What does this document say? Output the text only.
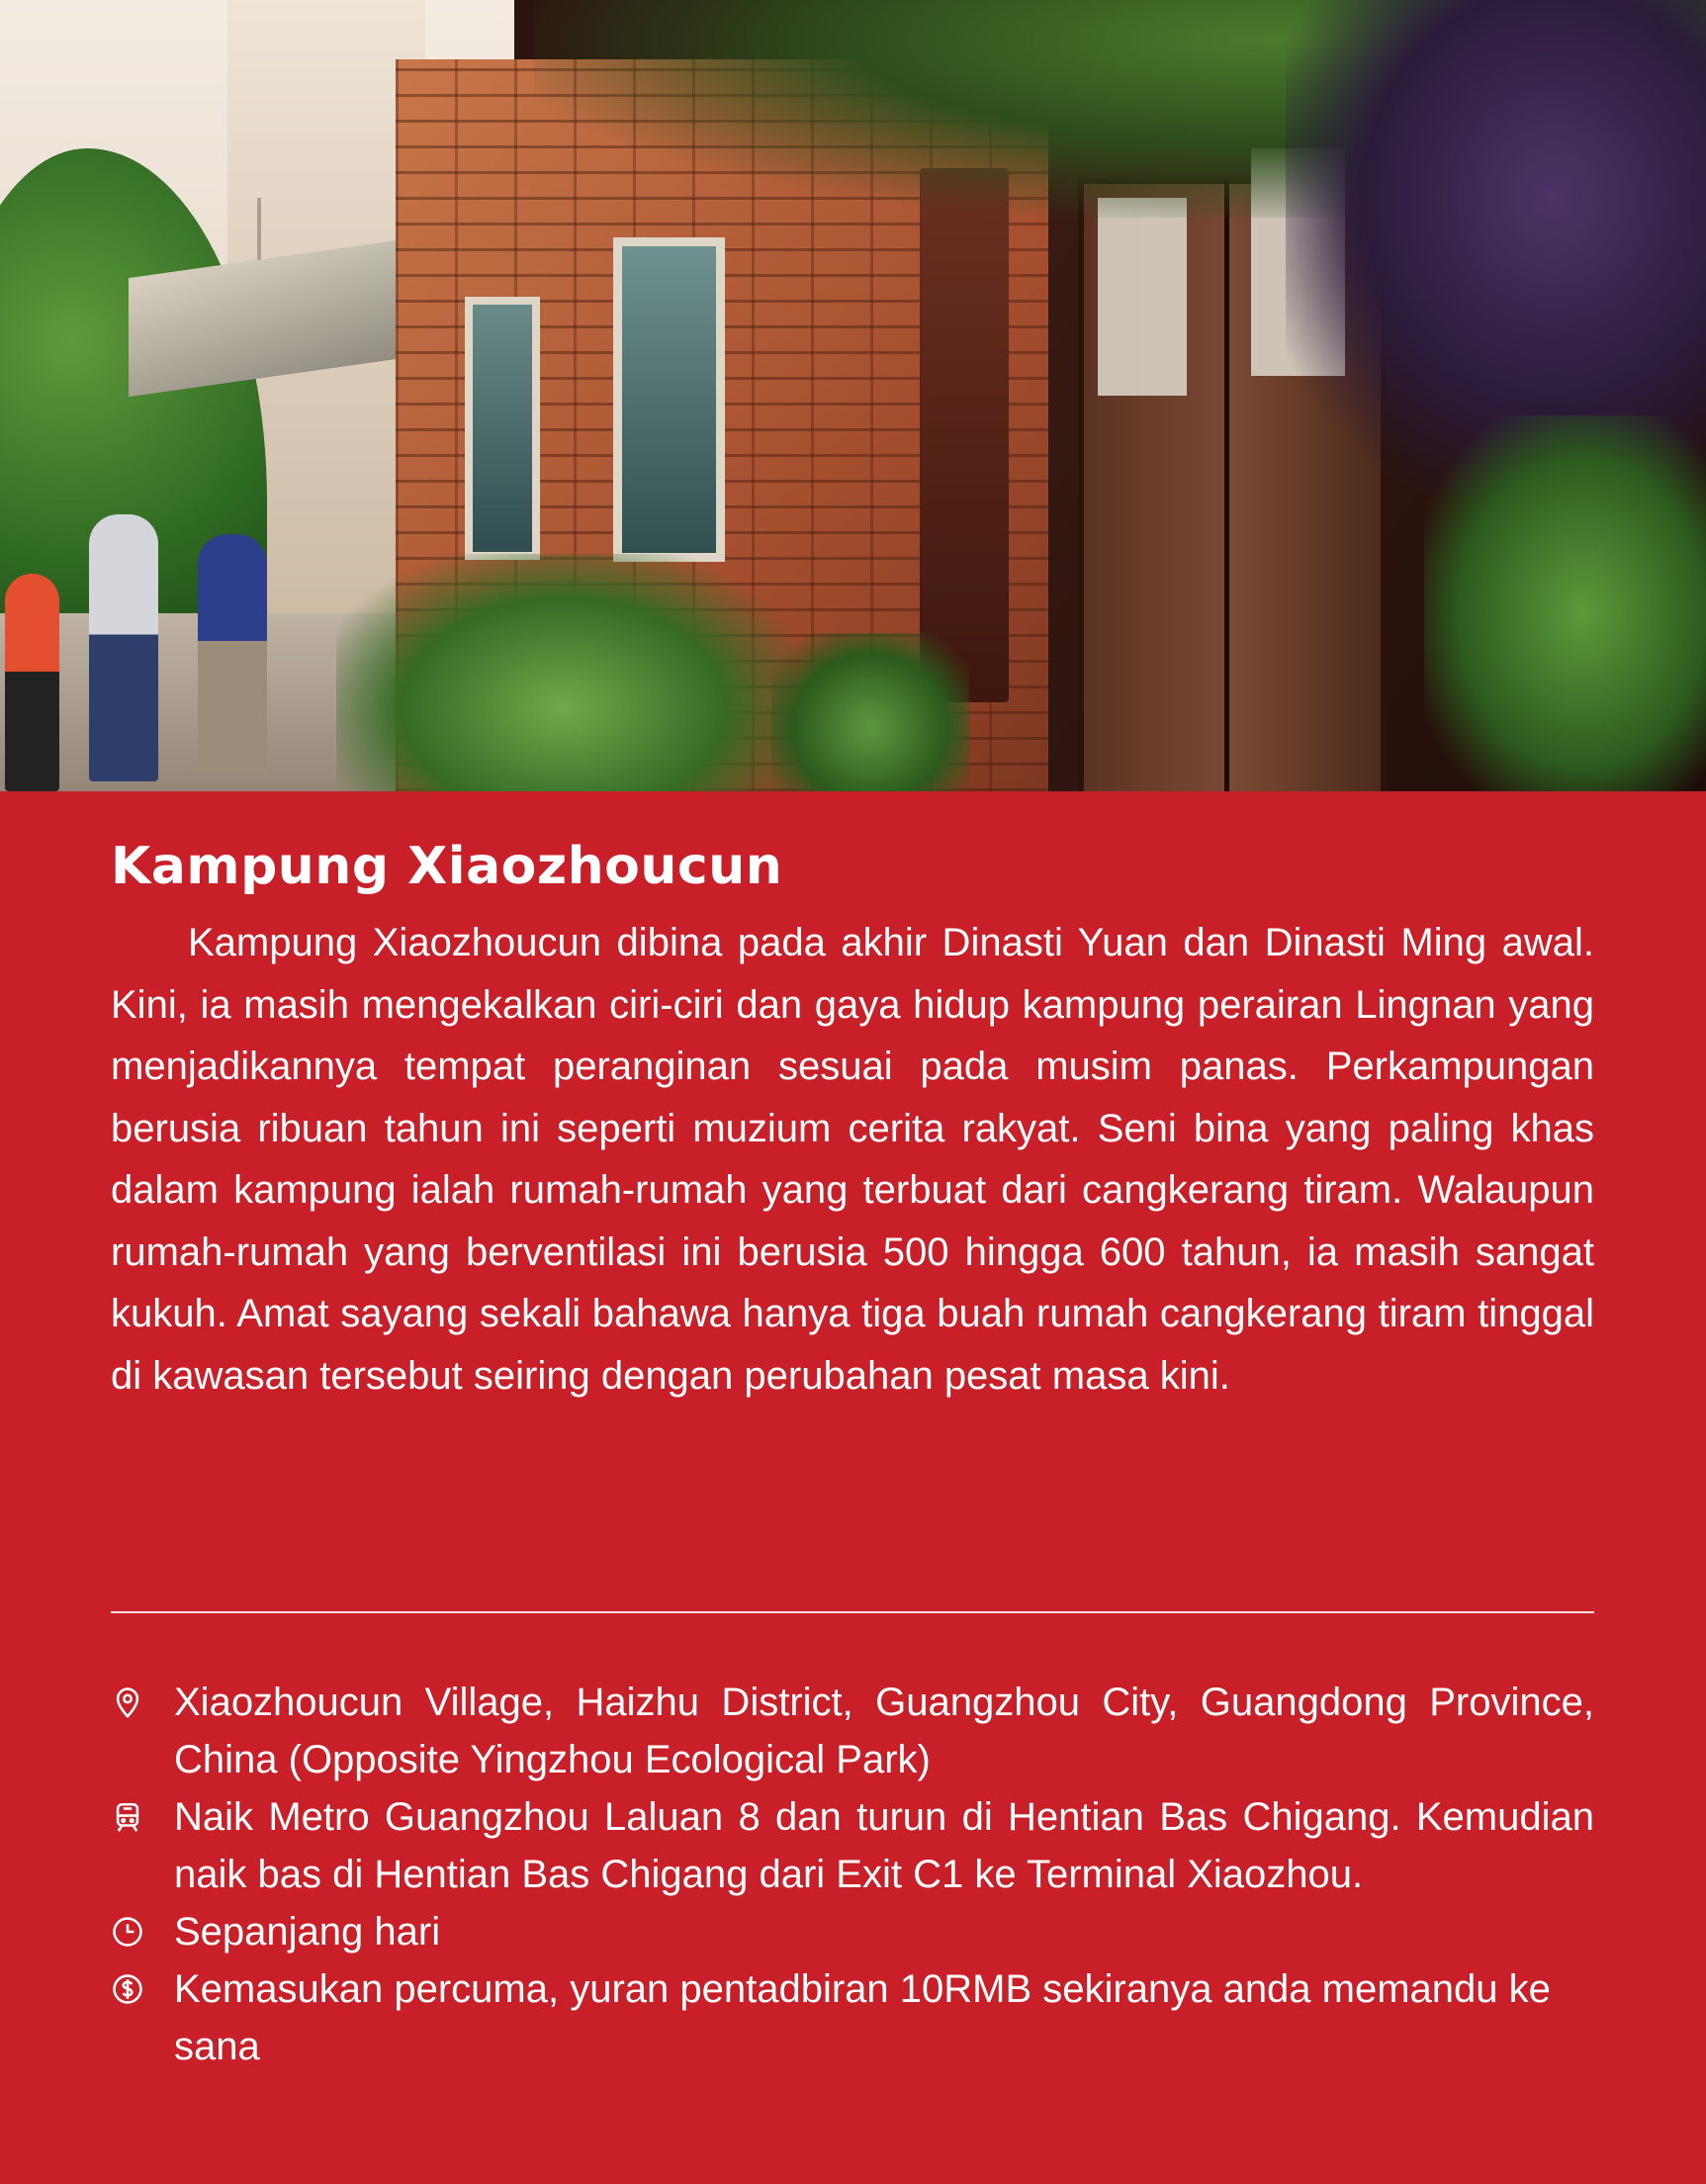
Kampung Xiaozhoucun

Kampung Xiaozhoucun dibina pada akhir Dinasti Yuan dan Dinasti Ming awal. Kini, ia masih mengekalkan ciri-ciri dan gaya hidup kampung perairan Lingnan yang menjadikannya tempat peranginan sesuai pada musim panas. Perkampungan berusia ribuan tahun ini seperti muzium cerita rakyat. Seni bina yang paling khas dalam kampung ialah rumah-rumah yang terbuat dari cangkerang tiram. Walaupun rumah-rumah yang berventilasi ini berusia 500 hingga 600 tahun, ia masih sangat kukuh. Amat sayang sekali bahawa hanya tiga buah rumah cangkerang tiram tinggal di kawasan tersebut seiring dengan perubahan pesat masa kini.

Xiaozhoucun Village, Haizhu District, Guangzhou City, Guangdong Province, China (Opposite Yingzhou Ecological Park)
Naik Metro Guangzhou Laluan 8 dan turun di Hentian Bas Chigang. Kemudian naik bas di Hentian Bas Chigang dari Exit C1 ke Terminal Xiaozhou.
Sepanjang hari
Kemasukan percuma, yuran pentadbiran 10RMB sekiranya anda memandu ke sana
